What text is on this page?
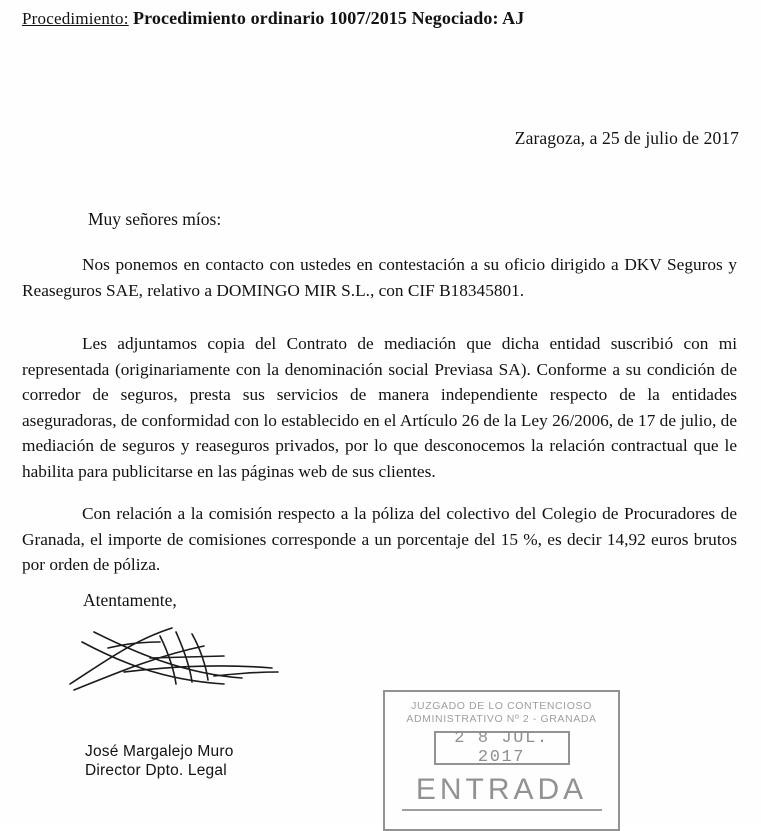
Procedimiento: Procedimiento ordinario 1007/2015 Negociado: AJ
Zaragoza, a 25 de julio de 2017
Muy señores míos:
Nos ponemos en contacto con ustedes en contestación a su oficio dirigido a DKV Seguros y Reaseguros SAE, relativo a DOMINGO MIR S.L., con CIF B18345801.
Les adjuntamos copia del Contrato de mediación que dicha entidad suscribió con mi representada (originariamente con la denominación social Previasa SA). Conforme a su condición de corredor de seguros, presta sus servicios de manera independiente respecto de la entidades aseguradoras, de conformidad con lo establecido en el Artículo 26 de la Ley 26/2006, de 17 de julio, de mediación de seguros y reaseguros privados, por lo que desconocemos la relación contractual que le habilita para publicitarse en las páginas web de sus clientes.
Con relación a la comisión respecto a la póliza del colectivo del Colegio de Procuradores de Granada, el importe de comisiones corresponde a un porcentaje del 15 %, es decir 14,92 euros brutos por orden de póliza.
Atentamente,
José Margalejo Muro
Director Dpto. Legal
JUZGADO DE LO CONTENCIOSO
ADMINISTRATIVO Nº 2 - GRANADA
2 8 JUL. 2017
ENTRADA
